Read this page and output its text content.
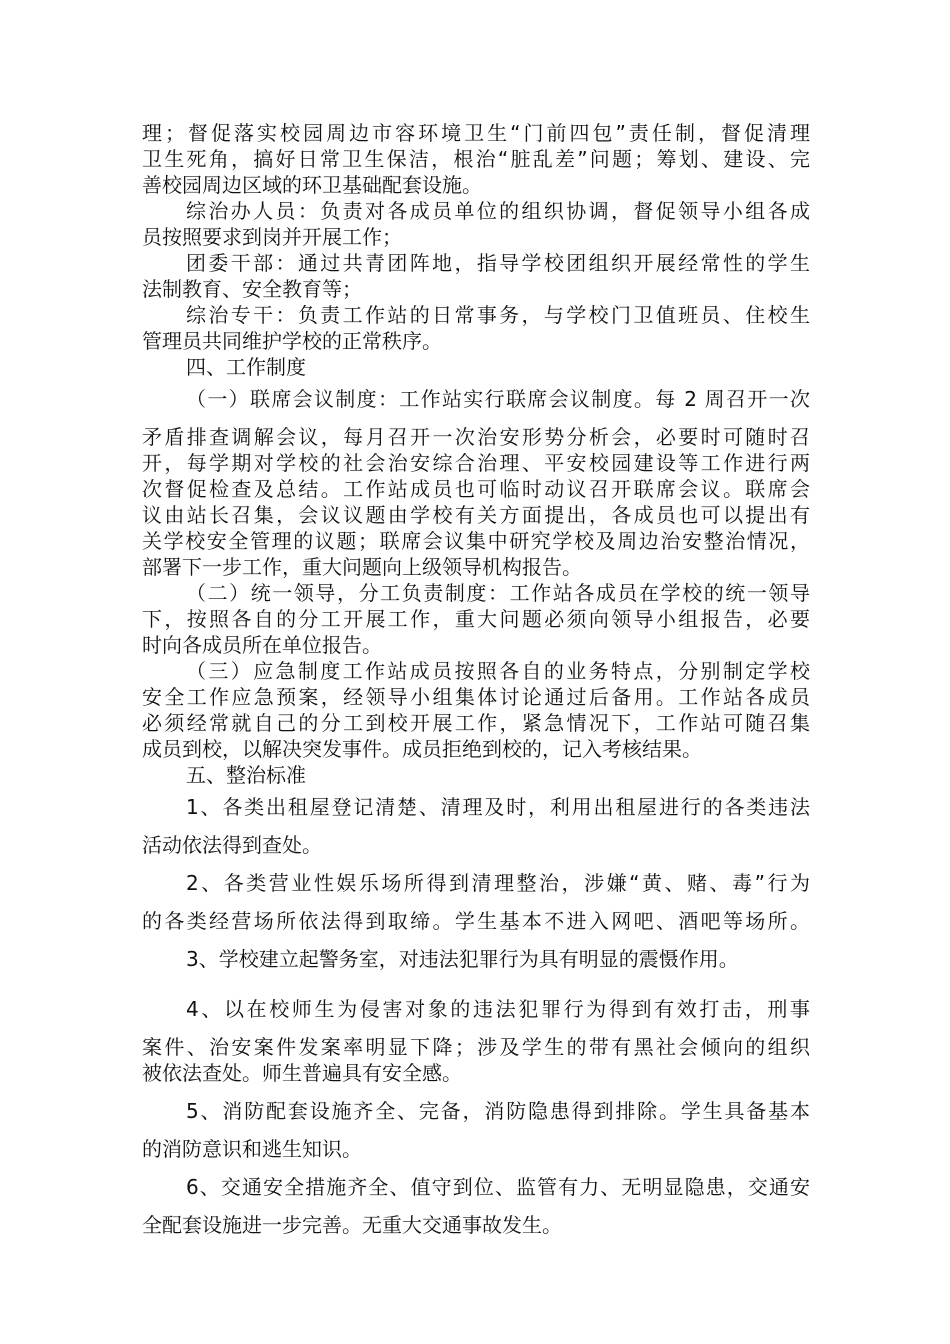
理；督促落实校园周边市容环境卫生“门前四包”责任制，督促清理
卫生死角，搞好日常卫生保洁，根治“脏乱差”问题；筹划、建设、完
善校园周边区域的环卫基础配套设施。
综治办人员：负责对各成员单位的组织协调，督促领导小组各成
员按照要求到岗并开展工作；
团委干部：通过共青团阵地，指导学校团组织开展经常性的学生
法制教育、安全教育等；
综治专干：负责工作站的日常事务，与学校门卫值班员、住校生
管理员共同维护学校的正常秩序。
四、工作制度
（一）联席会议制度：工作站实行联席会议制度。每 2 周召开一次
矛盾排查调解会议，每月召开一次治安形势分析会，必要时可随时召
开，每学期对学校的社会治安综合治理、平安校园建设等工作进行两
次督促检查及总结。工作站成员也可临时动议召开联席会议。联席会
议由站长召集，会议议题由学校有关方面提出，各成员也可以提出有
关学校安全管理的议题；联席会议集中研究学校及周边治安整治情况，
部署下一步工作，重大问题向上级领导机构报告。
（二）统一领导，分工负责制度：工作站各成员在学校的统一领导
下，按照各自的分工开展工作，重大问题必须向领导小组报告，必要
时向各成员所在单位报告。
（三）应急制度工作站成员按照各自的业务特点，分别制定学校
安全工作应急预案，经领导小组集体讨论通过后备用。工作站各成员
必须经常就自己的分工到校开展工作，紧急情况下，工作站可随召集
成员到校，以解决突发事件。成员拒绝到校的，记入考核结果。
五、整治标准
1、各类出租屋登记清楚、清理及时，利用出租屋进行的各类违法
活动依法得到查处。
2、各类营业性娱乐场所得到清理整治，涉嫌“黄、赌、毒”行为
的各类经营场所依法得到取缔。学生基本不进入网吧、酒吧等场所。
3、学校建立起警务室，对违法犯罪行为具有明显的震慑作用。
4、以在校师生为侵害对象的违法犯罪行为得到有效打击，刑事
案件、治安案件发案率明显下降；涉及学生的带有黑社会倾向的组织
被依法查处。师生普遍具有安全感。
5、消防配套设施齐全、完备，消防隐患得到排除。学生具备基本
的消防意识和逃生知识。
6、交通安全措施齐全、值守到位、监管有力、无明显隐患，交通安
全配套设施进一步完善。无重大交通事故发生。
